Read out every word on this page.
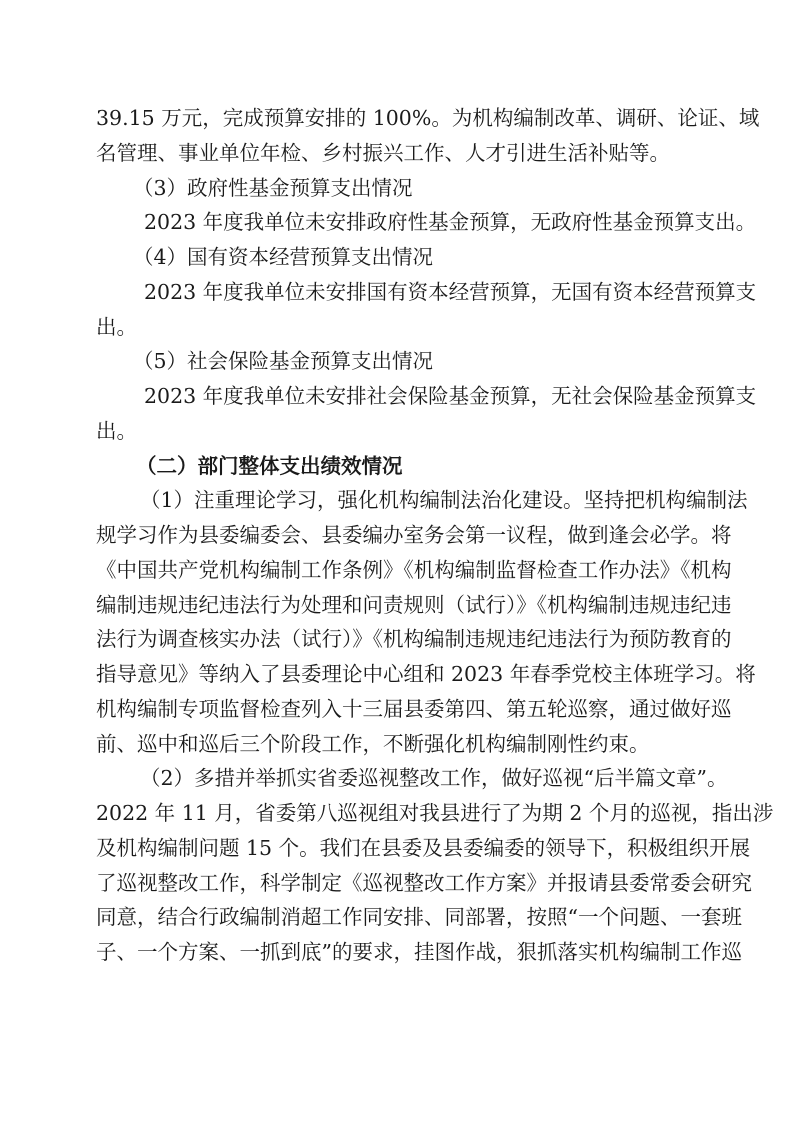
39.15 万元，完成预算安排的 100%。为机构编制改革、调研、论证、域
名管理、事业单位年检、乡村振兴工作、人才引进生活补贴等。
（3）政府性基金预算支出情况
2023 年度我单位未安排政府性基金预算，无政府性基金预算支出。
（4）国有资本经营预算支出情况
2023 年度我单位未安排国有资本经营预算，无国有资本经营预算支
出。
（5）社会保险基金预算支出情况
2023 年度我单位未安排社会保险基金预算，无社会保险基金预算支
出。
（二）部门整体支出绩效情况
（1）注重理论学习，强化机构编制法治化建设。坚持把机构编制法
规学习作为县委编委会、县委编办室务会第一议程，做到逢会必学。将
《中国共产党机构编制工作条例》《机构编制监督检查工作办法》《机构
编制违规违纪违法行为处理和问责规则（试行）》《机构编制违规违纪违
法行为调查核实办法（试行）》《机构编制违规违纪违法行为预防教育的
指导意见》等纳入了县委理论中心组和 2023 年春季党校主体班学习。将
机构编制专项监督检查列入十三届县委第四、第五轮巡察，通过做好巡
前、巡中和巡后三个阶段工作，不断强化机构编制刚性约束。
（2）多措并举抓实省委巡视整改工作，做好巡视“后半篇文章”。
2022 年 11 月，省委第八巡视组对我县进行了为期 2 个月的巡视，指出涉
及机构编制问题 15 个。我们在县委及县委编委的领导下，积极组织开展
了巡视整改工作，科学制定《巡视整改工作方案》并报请县委常委会研究
同意，结合行政编制消超工作同安排、同部署，按照“一个问题、一套班
子、一个方案、一抓到底”的要求，挂图作战，狠抓落实机构编制工作巡
